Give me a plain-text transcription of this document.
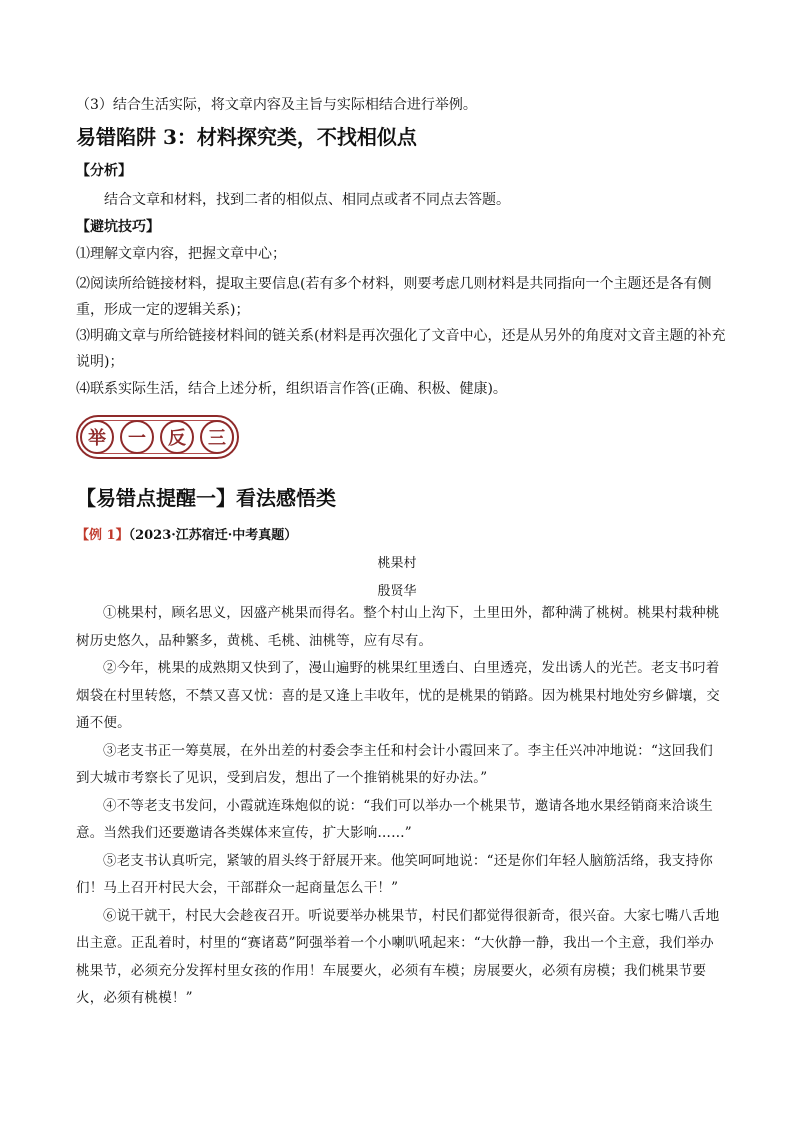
（3）结合生活实际，将文章内容及主旨与实际相结合进行举例。
易错陷阱 3：材料探究类，不找相似点
【分析】
结合文章和材料，找到二者的相似点、相同点或者不同点去答题。
【避坑技巧】
⑴理解文章内容，把握文章中心；
⑵阅读所给链接材料，提取主要信息(若有多个材料，则要考虑几则材料是共同指向一个主题还是各有侧重，形成一定的逻辑关系)；
⑶明确文章与所给链接材料间的链关系(材料是再次强化了文音中心，还是从另外的角度对文音主题的补充说明)；
⑷联系实际生活，结合上述分析，组织语言作答(正确、积极、健康)。
举	一	反	三
【易错点提醒一】看法感悟类
【例 1】（2023·江苏宿迁·中考真题）
桃果村
殷贤华

①桃果村，顾名思义，因盛产桃果而得名。整个村山上沟下，土里田外，都种满了桃树。桃果村栽种桃树历史悠久，品种繁多，黄桃、毛桃、油桃等，应有尽有。

②今年，桃果的成熟期又快到了，漫山遍野的桃果红里透白、白里透亮，发出诱人的光芒。老支书叼着烟袋在村里转悠，不禁又喜又忧：喜的是又逢上丰收年，忧的是桃果的销路。因为桃果村地处穷乡僻壤，交通不便。

③老支书正一筹莫展，在外出差的村委会李主任和村会计小霞回来了。李主任兴冲冲地说：“这回我们到大城市考察长了见识，受到启发，想出了一个推销桃果的好办法。”

④不等老支书发问，小霞就连珠炮似的说：“我们可以举办一个桃果节，邀请各地水果经销商来洽谈生意。当然我们还要邀请各类媒体来宣传，扩大影响……”

⑤老支书认真听完，紧皱的眉头终于舒展开来。他笑呵呵地说：“还是你们年轻人脑筋活络，我支持你们！马上召开村民大会，干部群众一起商量怎么干！”

⑥说干就干，村民大会趁夜召开。听说要举办桃果节，村民们都觉得很新奇，很兴奋。大家七嘴八舌地出主意。正乱着时，村里的“赛诸葛”阿强举着一个小喇叭吼起来：“大伙静一静，我出一个主意，我们举办桃果节，必须充分发挥村里女孩的作用！车展要火，必须有车模；房展要火，必须有房模；我们桃果节要火，必须有桃模！”
